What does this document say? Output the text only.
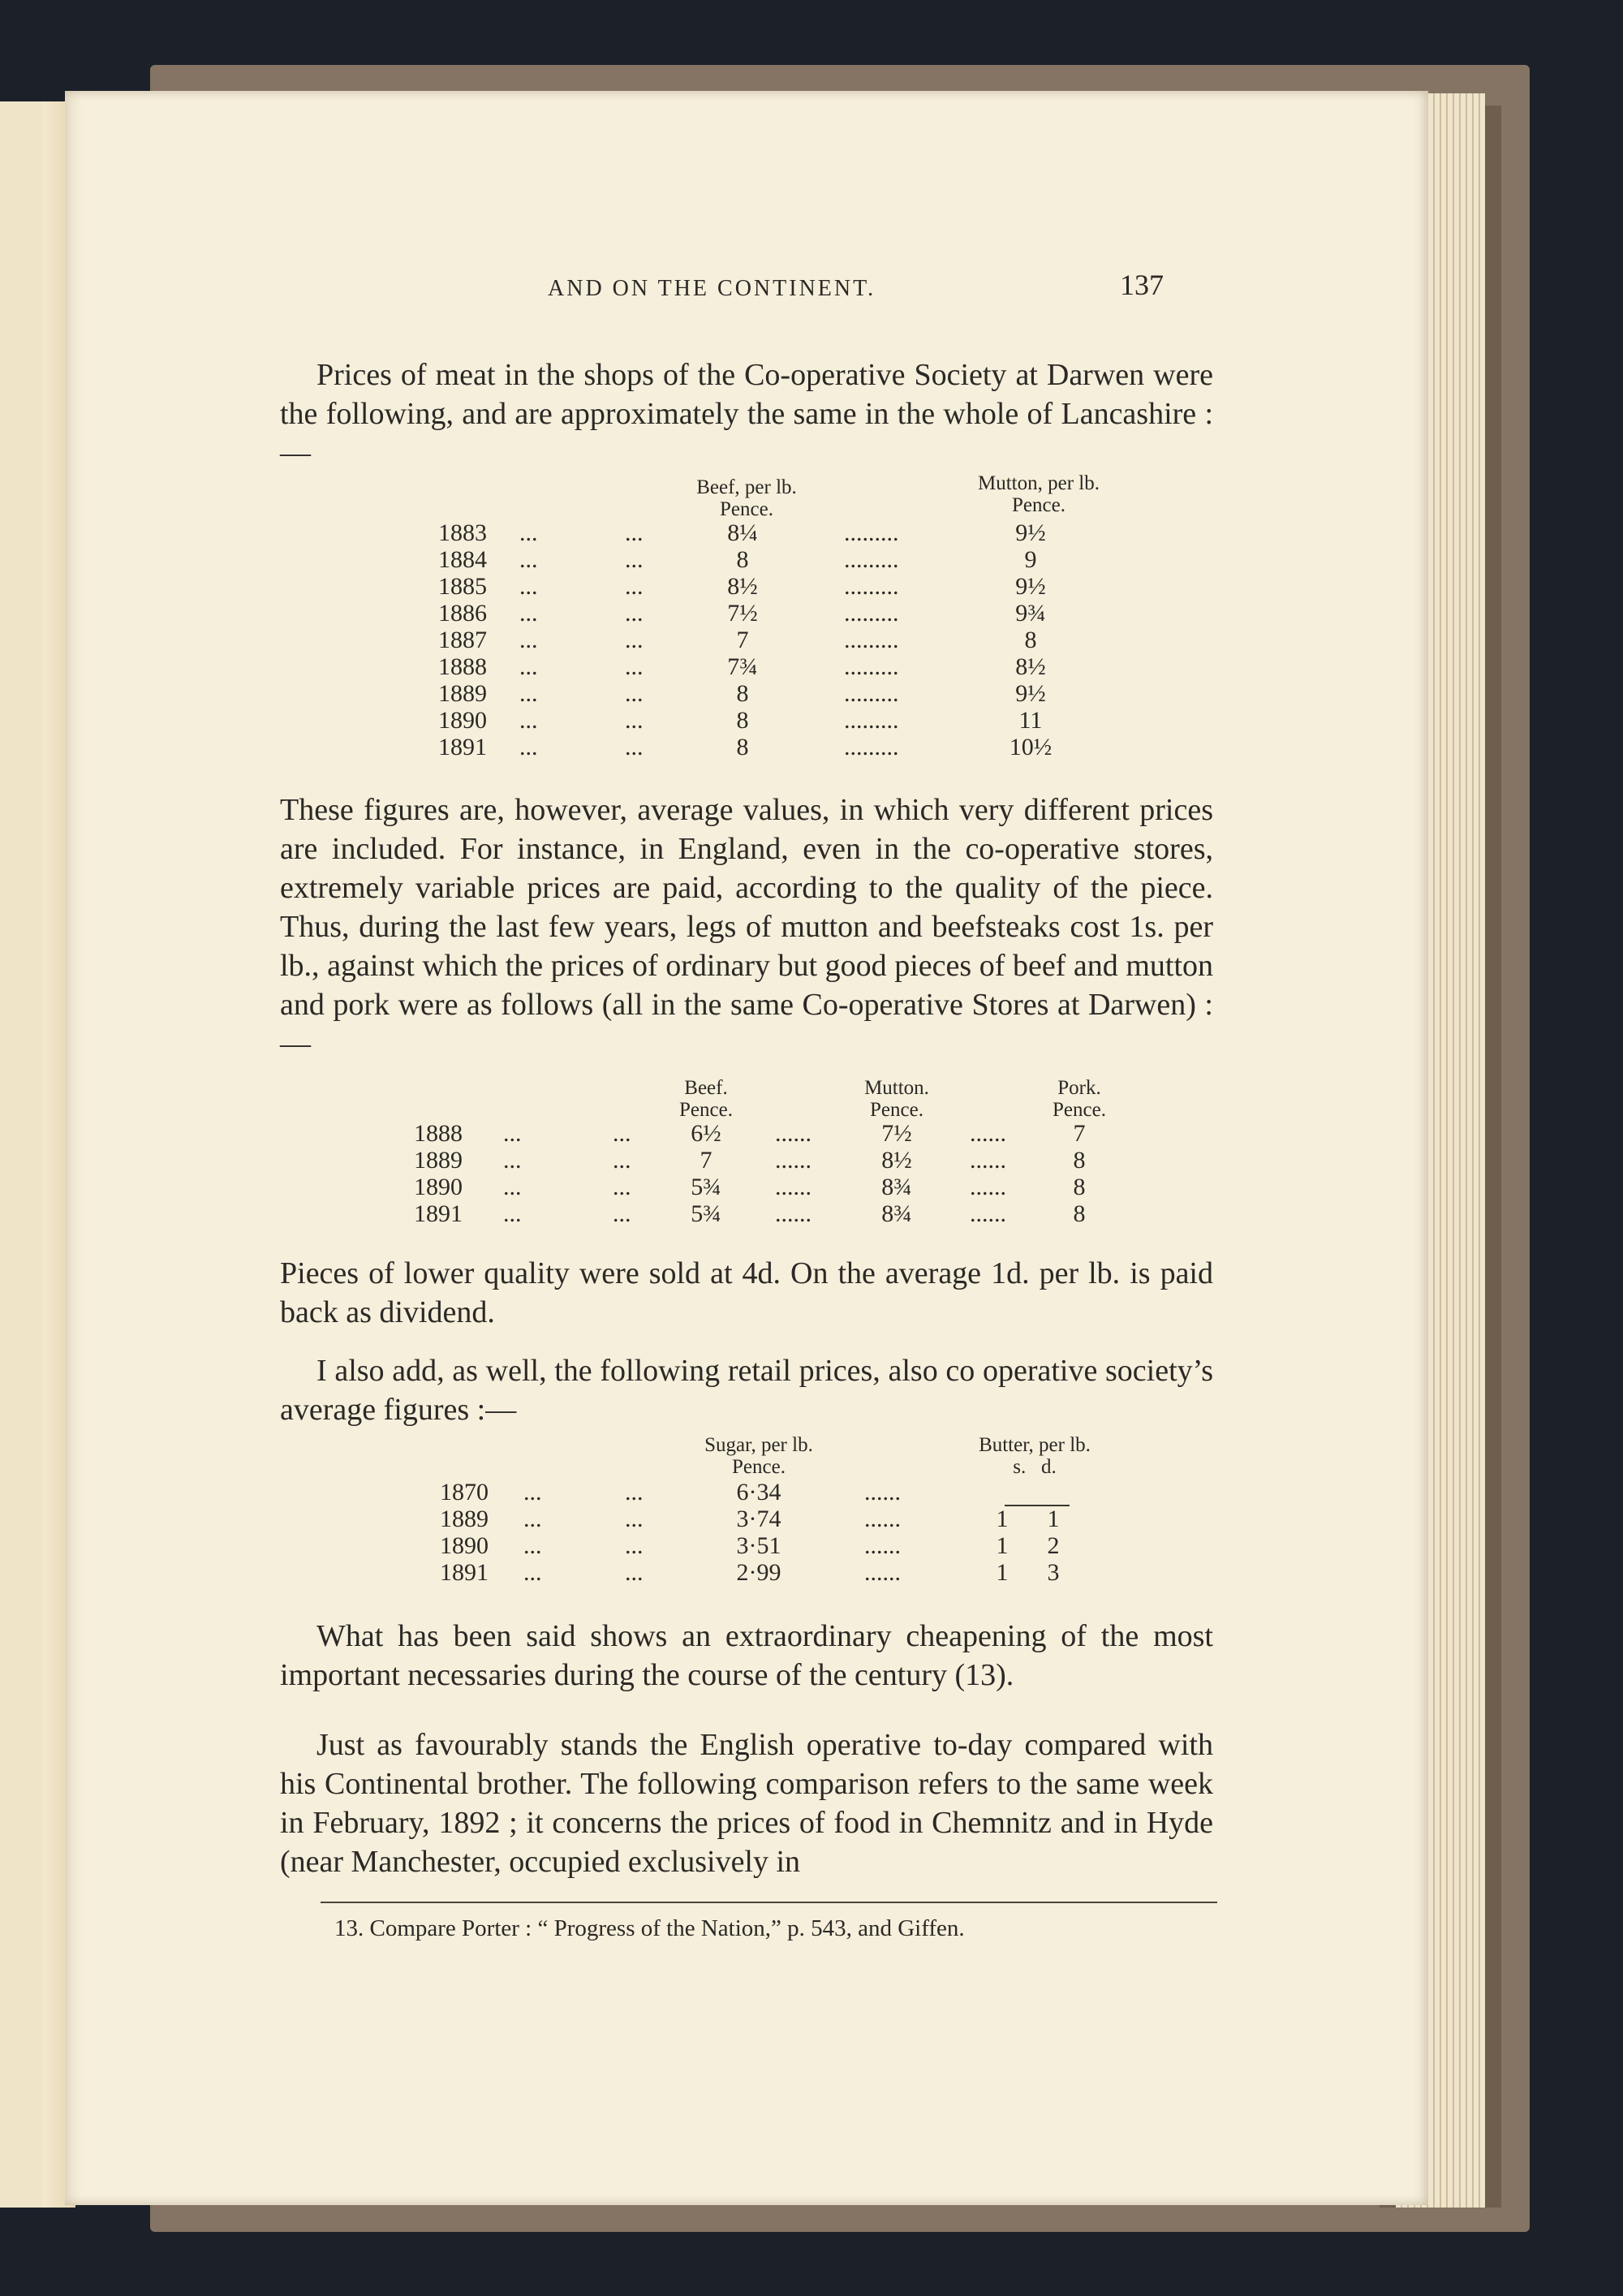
AND ON THE CONTINENT.	137

Prices of meat in the shops of the Co-operative Society at Darwen were the following, and are approximately the same in the whole of Lancashire : —

Beef, per lb.
Pence.
Mutton, per lb.
Pence.
1883 ...	...	8¼	.........	9½
1884 ...	...	8	.........	9
1885 ...	...	8½	.........	9½
1886 ...	...	7½	.........	9¾
1887 ...	...	7	.........	8
1888 ...	...	7¾	.........	8½
1889 ...	...	8	.........	9½
1890 ...	...	8	.........	11
1891 ...	...	8	.........	10½

These figures are, however, average values, in which very different prices are included. For instance, in England, even in the co-operative stores, extremely variable prices are paid, according to the quality of the piece. Thus, during the last few years, legs of mutton and beefsteaks cost 1s. per lb., against which the prices of ordinary but good pieces of beef and mutton and pork were as follows (all in the same Co-operative Stores at Darwen) : —

Beef.
Pence.
Mutton.
Pence.
Pork.
Pence.
1888 ...	...	6½	......	7½	......	7
1889 ...	...	7	......	8½	......	8
1890 ...	...	5¾	......	8¾	......	8
1891 ...	...	5¾	......	8¾	......	8

Pieces of lower quality were sold at 4d. On the average 1d. per lb. is paid back as dividend.

I also add, as well, the following retail prices, also co operative society’s average figures :—

Sugar, per lb.
Pence.
Butter, per lb.
s. d.
1870 ...	...	6·34	......
1889 ...	...	3·74	......	1 1
1890 ...	...	3·51	......	1 2
1891 ...	...	2·99	......	1 3

What has been said shows an extraordinary cheapening of the most important necessaries during the course of the century (13).

Just as favourably stands the English operative to-day compared with his Continental brother. The following comparison refers to the same week in February, 1892 ; it concerns the prices of food in Chemnitz and in Hyde (near Manchester, occupied exclusively in

13. Compare Porter : “ Progress of the Nation,” p. 543, and Giffen.
